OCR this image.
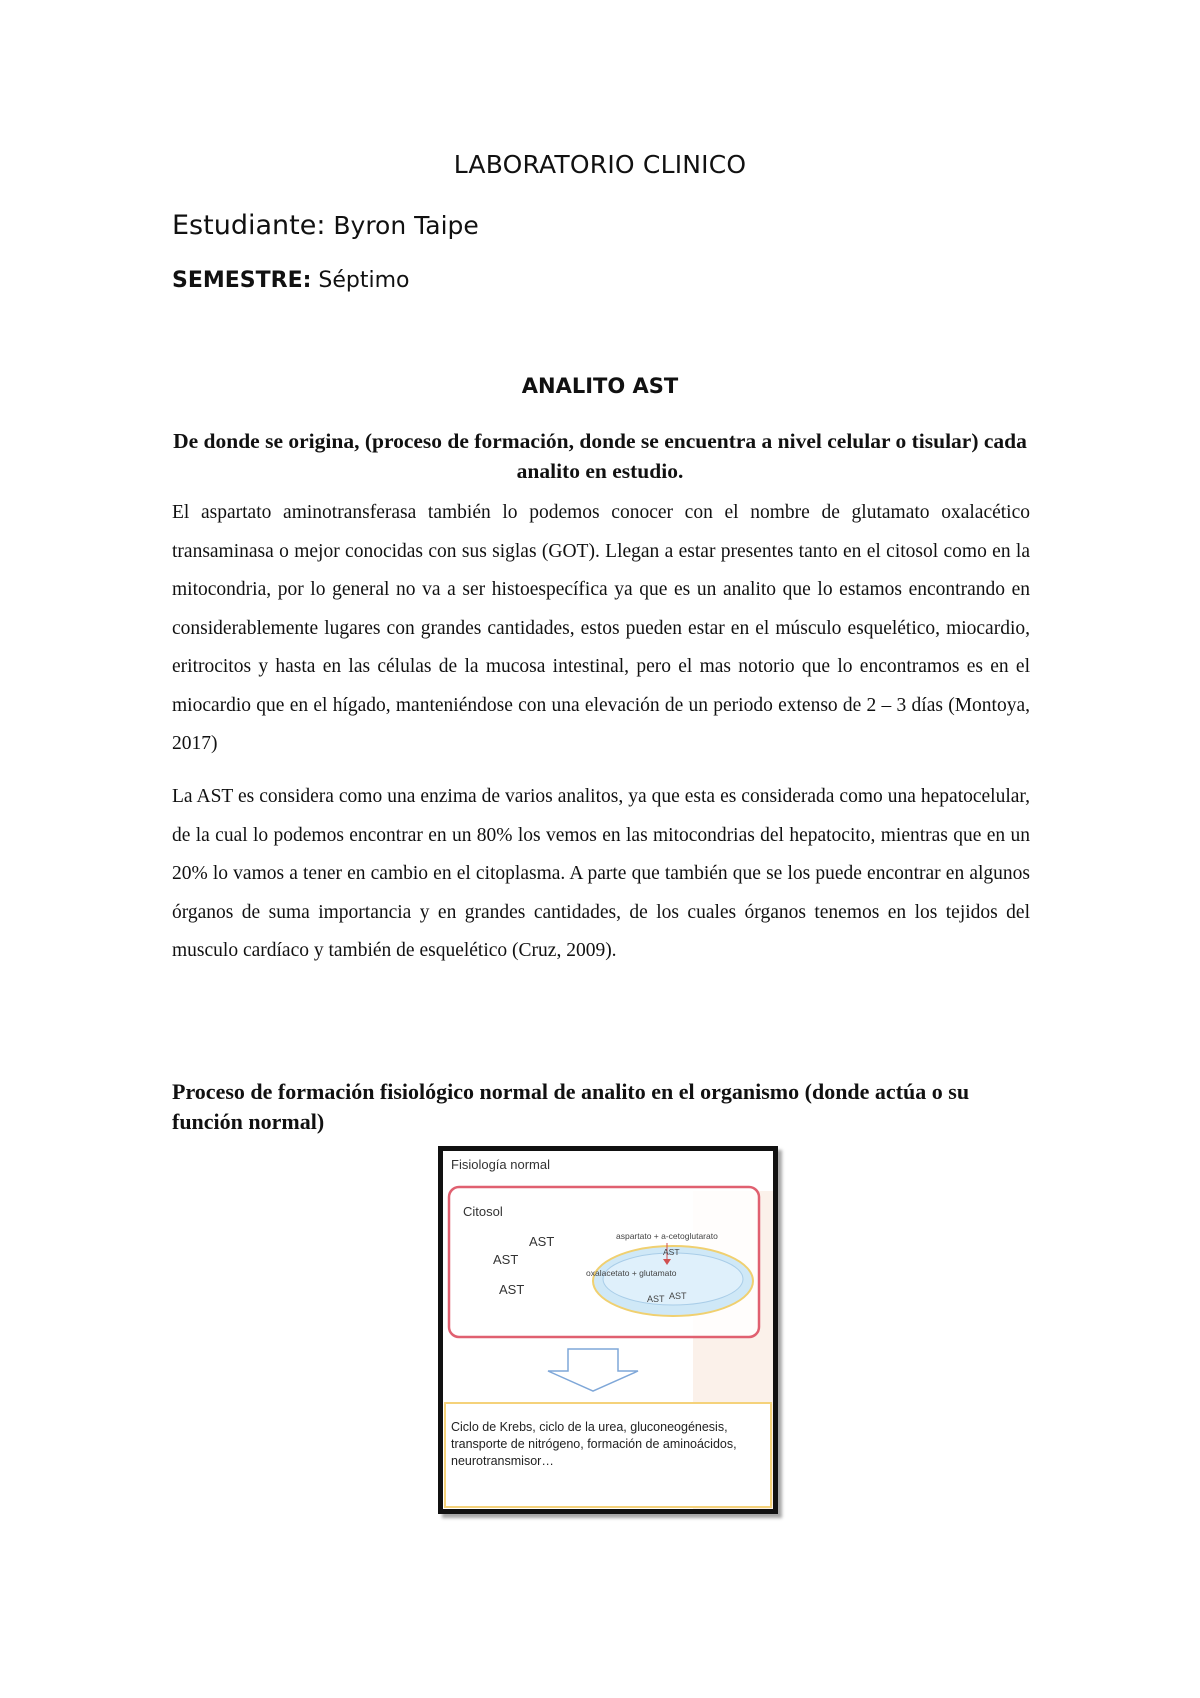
LABORATORIO CLINICO
Estudiante: Byron Taipe
SEMESTRE: Séptimo
ANALITO AST
De donde se origina, (proceso de formación, donde se encuentra a nivel celular o tisular) cada analito en estudio.
El aspartato aminotransferasa también lo podemos conocer con el nombre de glutamato oxalacético transaminasa o mejor conocidas con sus siglas (GOT). Llegan a estar presentes tanto en el citosol como en la mitocondria, por lo general no va a ser histoespecífica ya que es un analito que lo estamos encontrando en considerablemente lugares con grandes cantidades, estos pueden estar en el músculo esquelético, miocardio, eritrocitos y hasta en las células de la mucosa intestinal, pero el mas notorio que lo encontramos es en el miocardio que en el hígado, manteniéndose con una elevación de un periodo extenso de 2 – 3 días (Montoya, 2017)
La AST es considera como una enzima de varios analitos, ya que esta es considerada como una hepatocelular, de la cual lo podemos encontrar en un 80% los vemos en las mitocondrias del hepatocito, mientras que en un 20% lo vamos a tener en cambio en el citoplasma. A parte que también que se los puede encontrar en algunos órganos de suma importancia y en grandes cantidades, de los cuales órganos tenemos en los tejidos del musculo cardíaco y también de esquelético (Cruz, 2009).
Proceso de formación fisiológico normal de analito en el organismo (donde actúa o su función normal)
Fisiología normal
Citosol
AST
AST
AST
aspartato + a-cetoglutarato
AST
oxalacetato + glutamato
AST AST
Ciclo de Krebs, ciclo de la urea, gluconeogénesis, transporte de nitrógeno, formación de aminoácidos, neurotransmisor…
